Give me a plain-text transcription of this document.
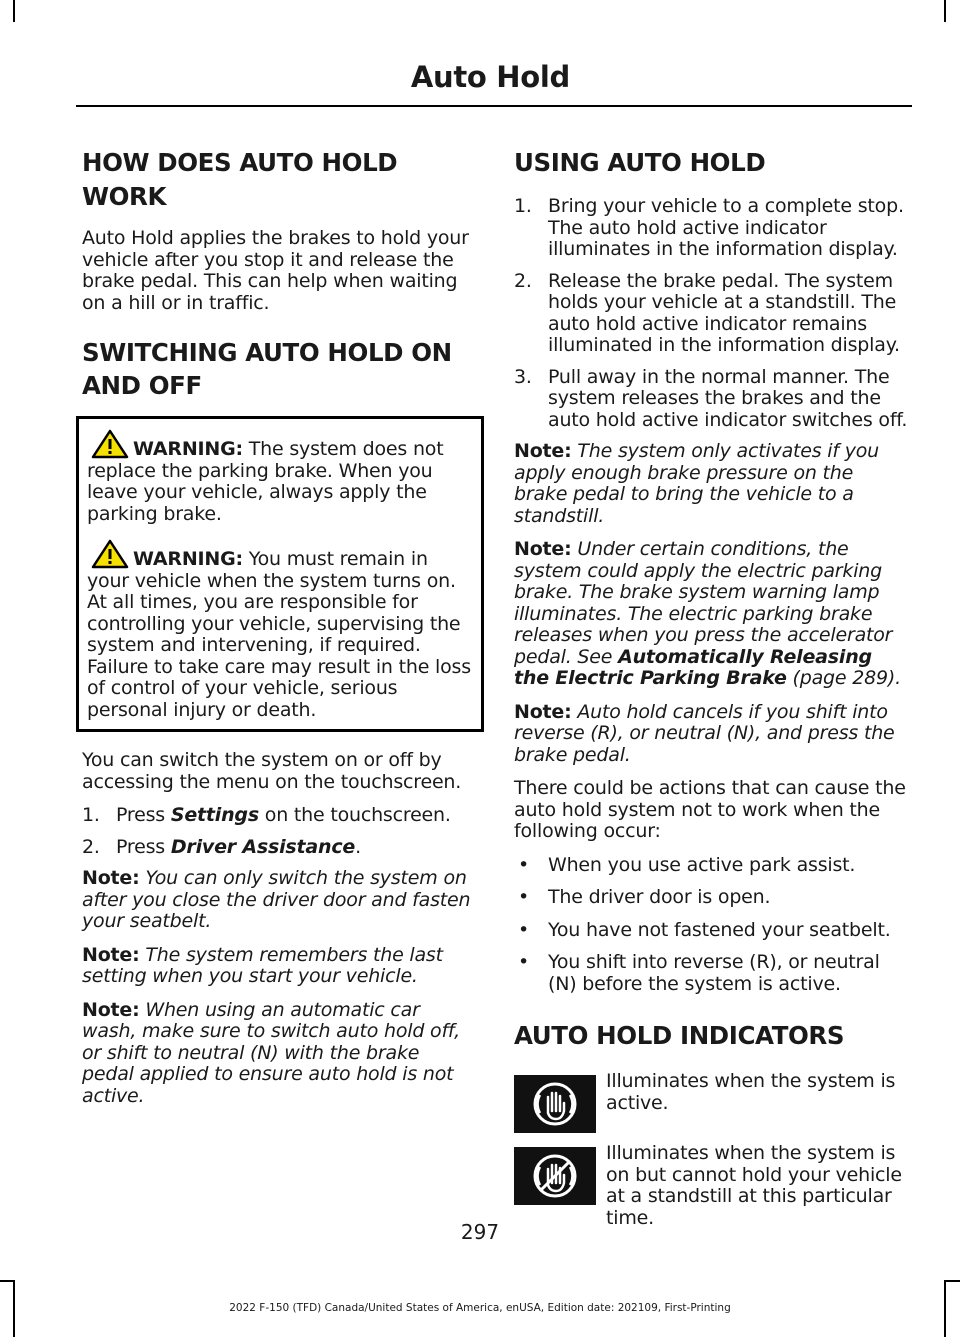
Auto Hold
HOW DOES AUTO HOLD WORK

Auto Hold applies the brakes to hold your vehicle after you stop it and release the brake pedal. This can help when waiting on a hill or in traffic.

SWITCHING AUTO HOLD ON AND OFF

WARNING: The system does not replace the parking brake. When you leave your vehicle, always apply the parking brake.

WARNING: You must remain in your vehicle when the system turns on. At all times, you are responsible for controlling your vehicle, supervising the system and intervening, if required. Failure to take care may result in the loss of control of your vehicle, serious personal injury or death.

You can switch the system on or off by accessing the menu on the touchscreen.

1. Press Settings on the touchscreen.
2. Press Driver Assistance.

Note: You can only switch the system on after you close the driver door and fasten your seatbelt.

Note: The system remembers the last setting when you start your vehicle.

Note: When using an automatic car wash, make sure to switch auto hold off, or shift to neutral (N) with the brake pedal applied to ensure auto hold is not active.

USING AUTO HOLD
1. Bring your vehicle to a complete stop. The auto hold active indicator illuminates in the information display.
2. Release the brake pedal. The system holds your vehicle at a standstill. The auto hold active indicator remains illuminated in the information display.
3. Pull away in the normal manner. The system releases the brakes and the auto hold active indicator switches off.

Note: The system only activates if you apply enough brake pressure on the brake pedal to bring the vehicle to a standstill.

Note: Under certain conditions, the system could apply the electric parking brake. The brake system warning lamp illuminates. The electric parking brake releases when you press the accelerator pedal. See Automatically Releasing the Electric Parking Brake (page 289).

Note: Auto hold cancels if you shift into reverse (R), or neutral (N), and press the brake pedal.

There could be actions that can cause the auto hold system not to work when the following occur:

• When you use active park assist.
• The driver door is open.
• You have not fastened your seatbelt.
• You shift into reverse (R), or neutral (N) before the system is active.
AUTO HOLD INDICATORS
Illuminates when the system is active.
Illuminates when the system is on but cannot hold your vehicle at a standstill at this particular time.
297
2022 F-150 (TFD) Canada/United States of America, enUSA, Edition date: 202109, First-Printing
